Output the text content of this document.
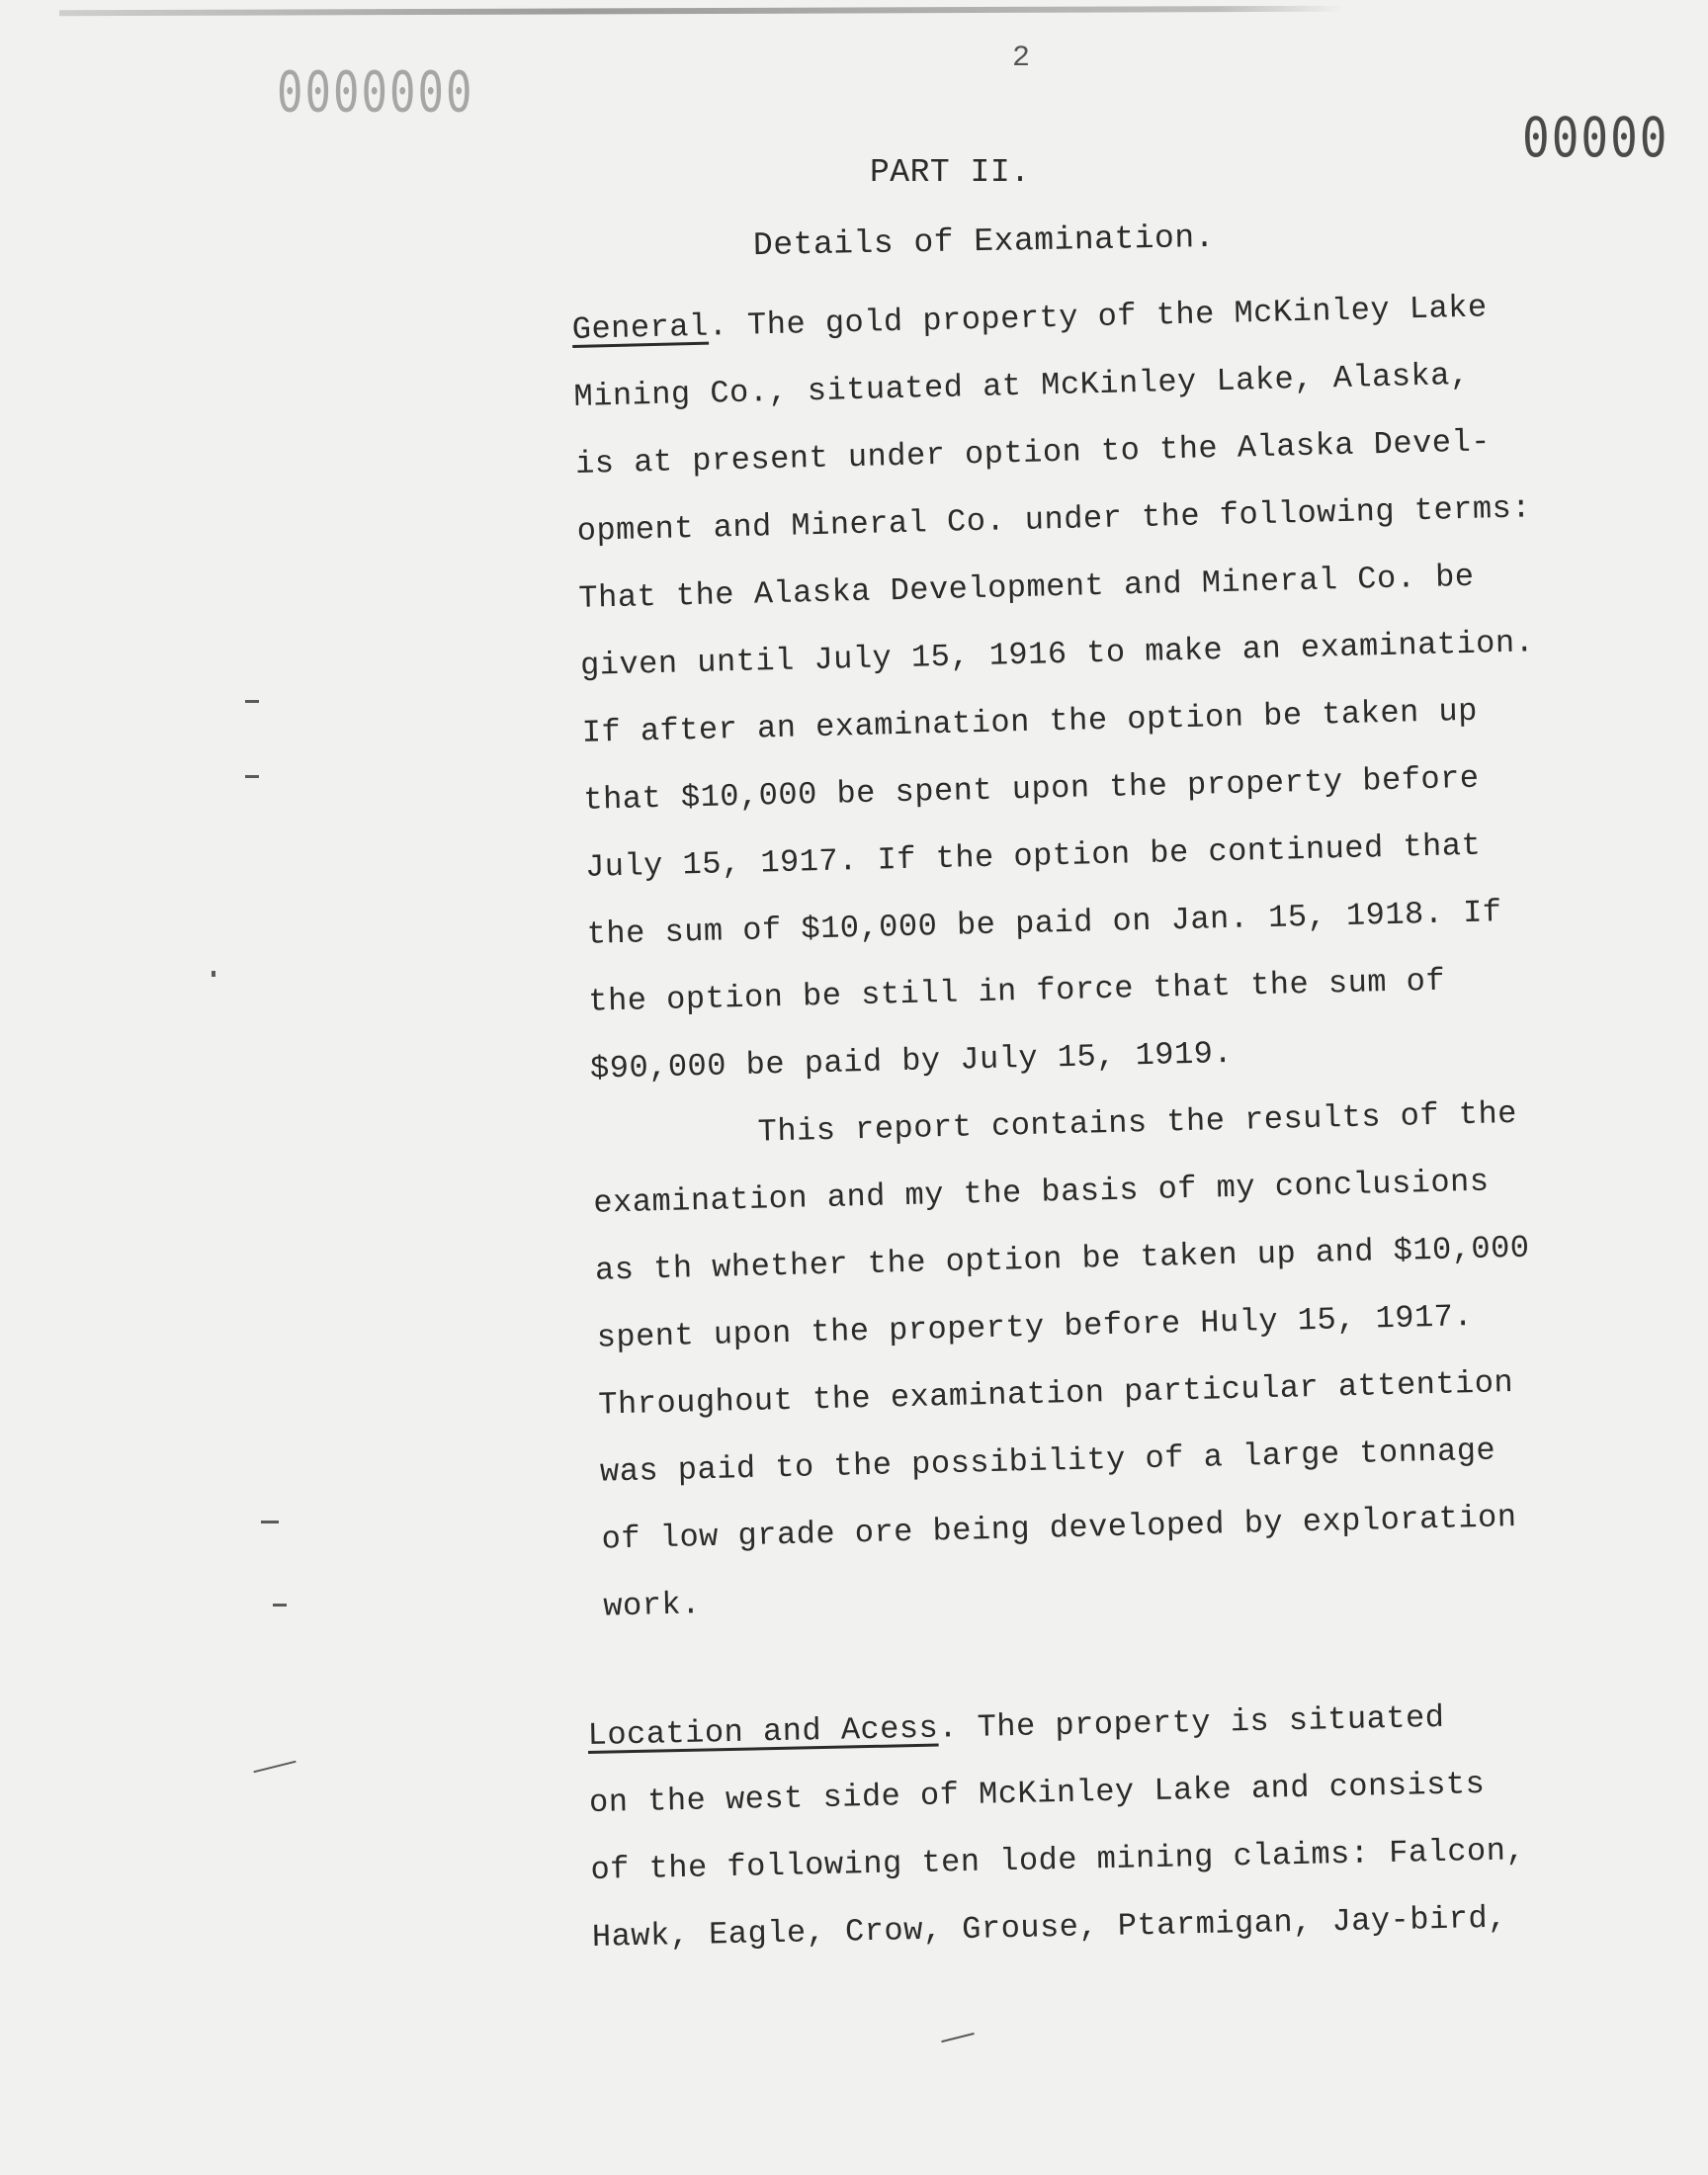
0000000
2
00000
PART II.
Details of Examination.

General. The gold property of the McKinley Lake

Mining Co., situated at McKinley Lake, Alaska,

is at present under option to the Alaska Devel-

opment and Mineral Co. under the following terms:

That the Alaska Development and Mineral Co. be

given until July 15, 1916 to make an examination.

If after an examination the option be taken up

that $10,000 be spent upon the property before

July 15, 1917. If the option be continued that

the sum of $10,000 be paid on Jan. 15, 1918. If

the option be still in force that the sum of

$90,000 be paid by July 15, 1919.

This report contains the results of the

examination and my the basis of my conclusions

as th whether the option be taken up and $10,000

spent upon the property before Huly 15, 1917.

Throughout the examination particular attention

was paid to the possibility of a large tonnage

of low grade ore being developed by exploration

work.

Location and Acess. The property is situated

on the west side of McKinley Lake and consists

of the following ten lode mining claims: Falcon,

Hawk, Eagle, Crow, Grouse, Ptarmigan, Jay-bird,
